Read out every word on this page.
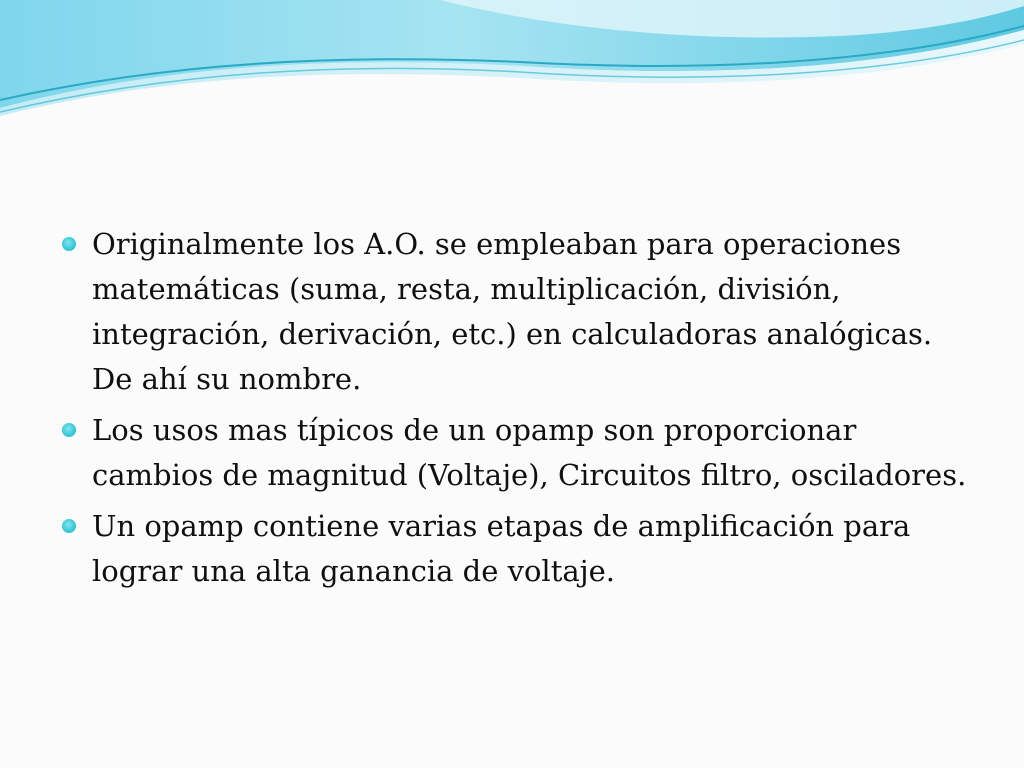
Originalmente los A.O. se empleaban para operaciones matemáticas (suma, resta, multiplicación, división, integración, derivación, etc.) en calculadoras analógicas. De ahí su nombre.
Los usos mas típicos de un opamp son proporcionar cambios de magnitud (Voltaje), Circuitos filtro, osciladores.
Un opamp contiene varias etapas de amplificación para lograr una alta ganancia de voltaje.
